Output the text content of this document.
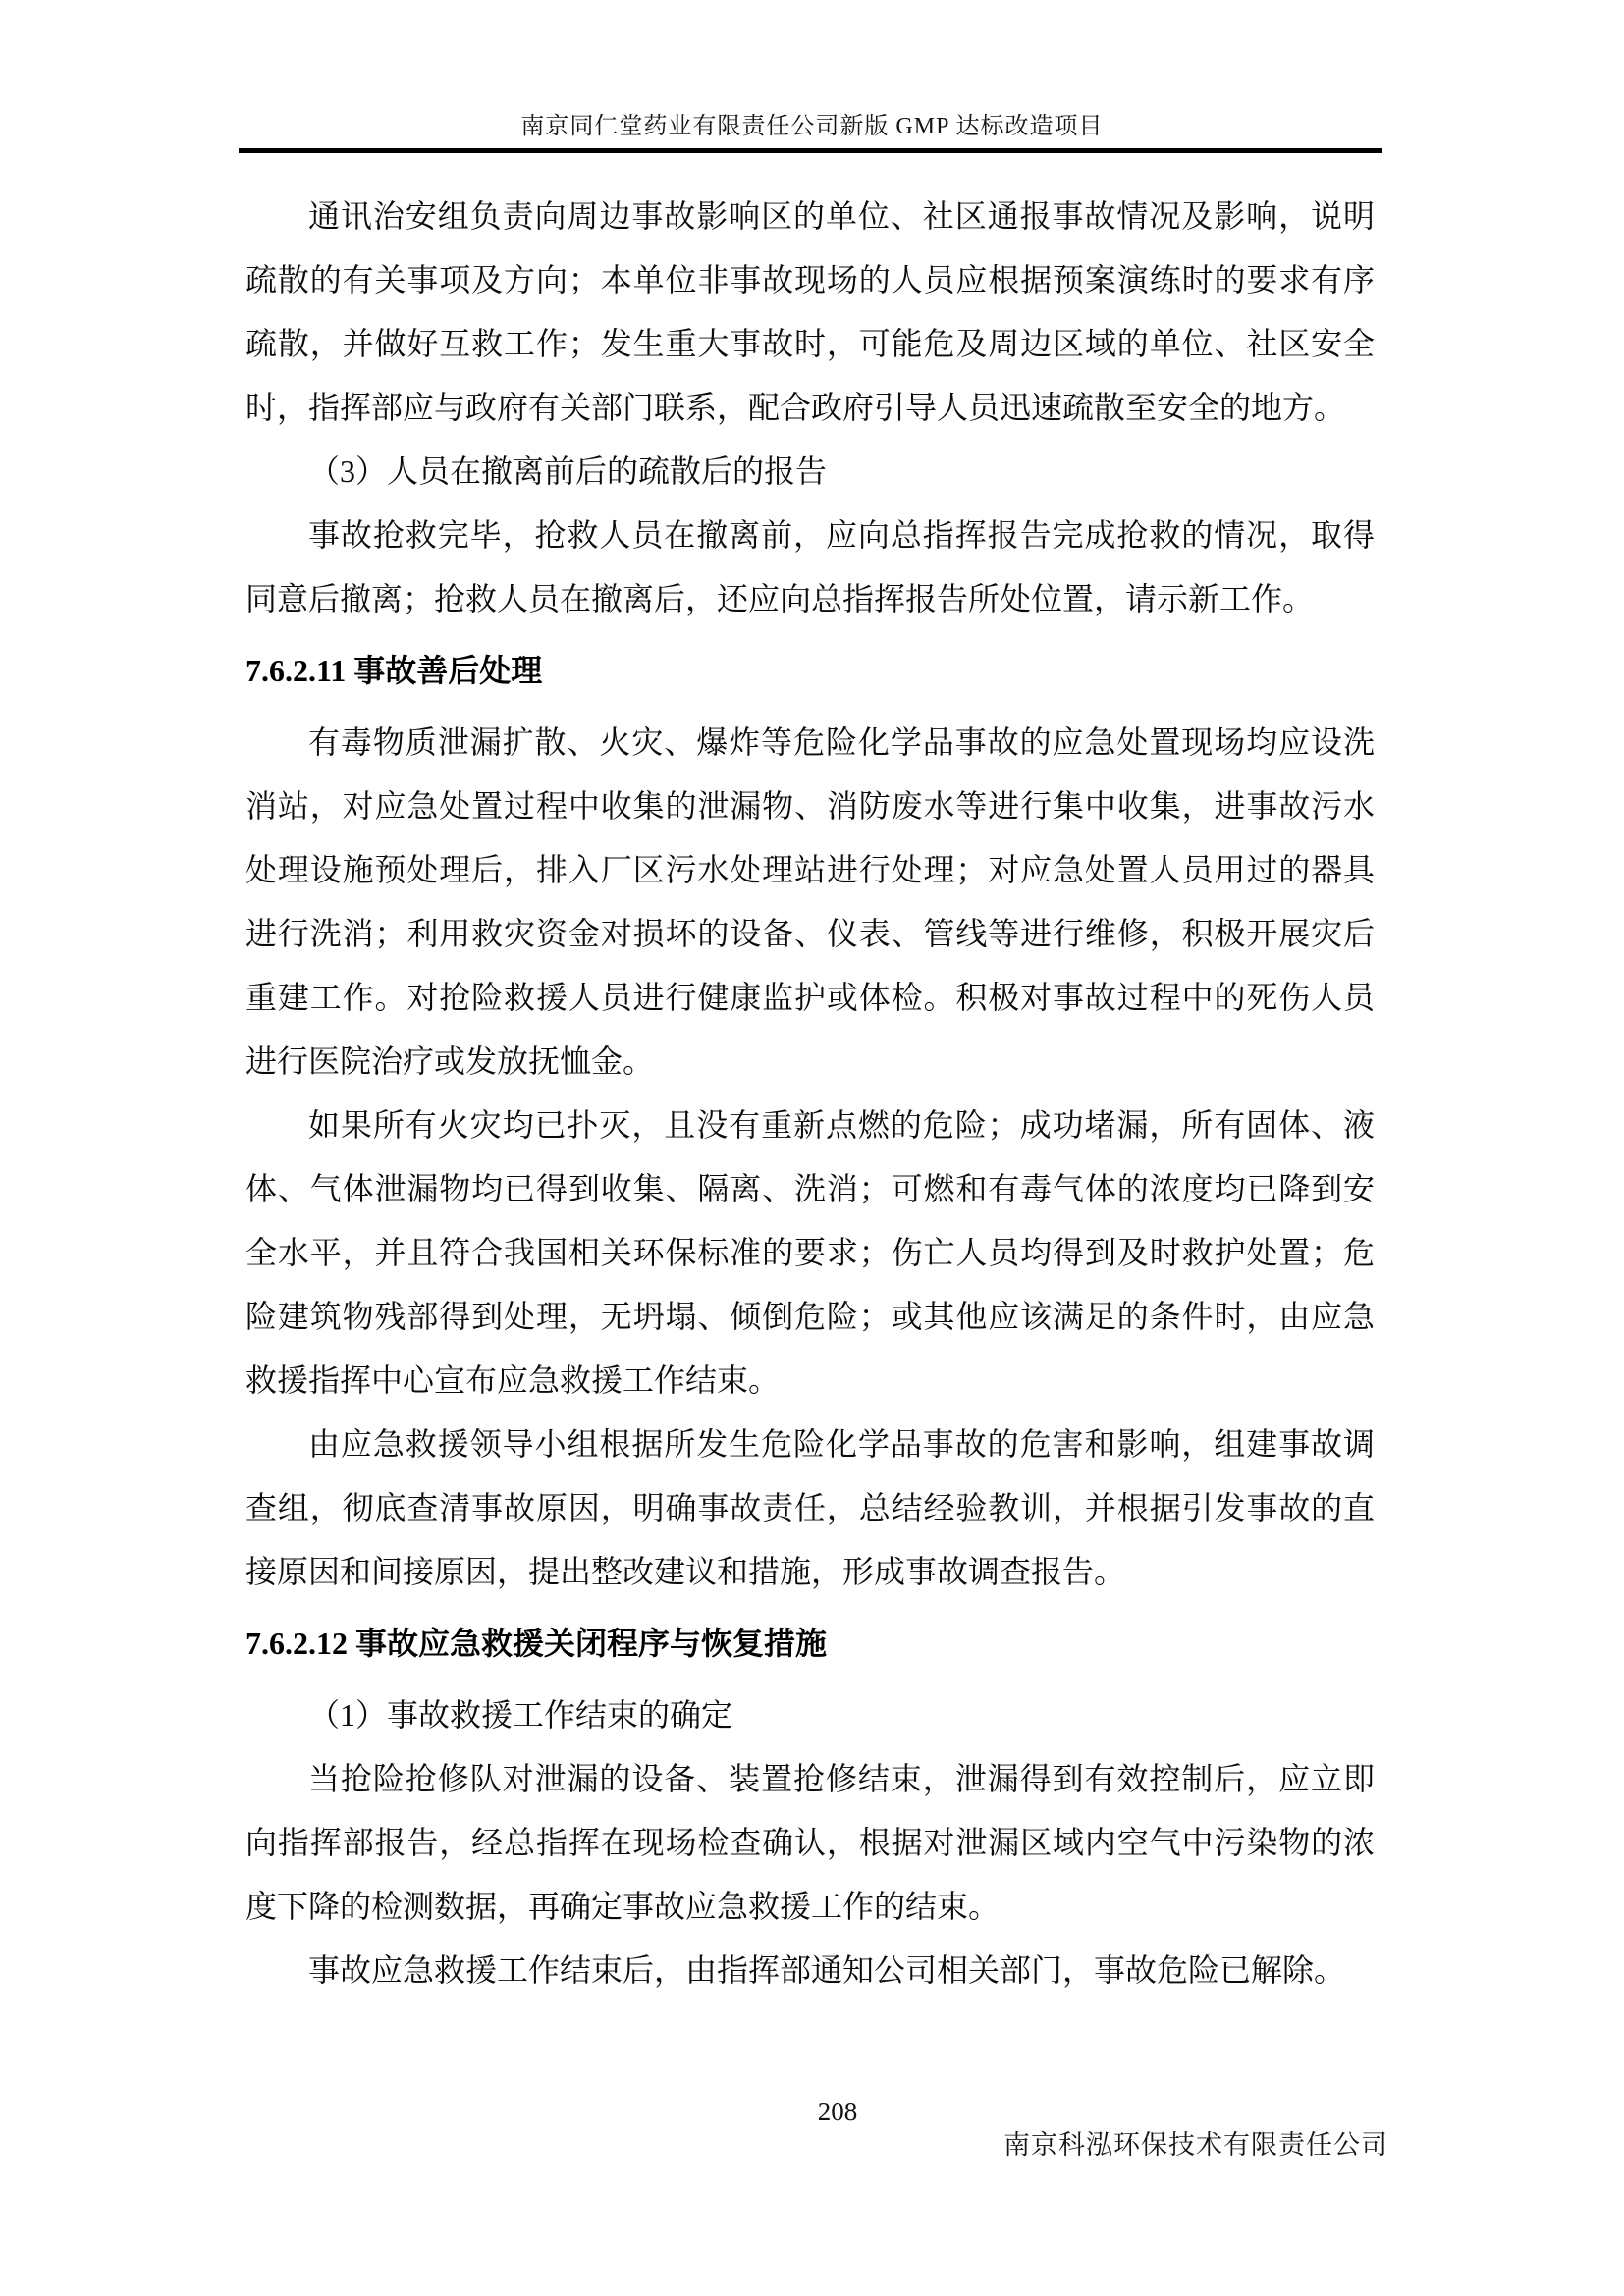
南京同仁堂药业有限责任公司新版 GMP 达标改造项目

通讯治安组负责向周边事故影响区的单位、社区通报事故情况及影响，说明疏散的有关事项及方向；本单位非事故现场的人员应根据预案演练时的要求有序疏散，并做好互救工作；发生重大事故时，可能危及周边区域的单位、社区安全时，指挥部应与政府有关部门联系，配合政府引导人员迅速疏散至安全的地方。

（3）人员在撤离前后的疏散后的报告

事故抢救完毕，抢救人员在撤离前，应向总指挥报告完成抢救的情况，取得同意后撤离；抢救人员在撤离后，还应向总指挥报告所处位置，请示新工作。

7.6.2.11 事故善后处理

有毒物质泄漏扩散、火灾、爆炸等危险化学品事故的应急处置现场均应设洗消站，对应急处置过程中收集的泄漏物、消防废水等进行集中收集，进事故污水处理设施预处理后，排入厂区污水处理站进行处理；对应急处置人员用过的器具进行洗消；利用救灾资金对损坏的设备、仪表、管线等进行维修，积极开展灾后重建工作。对抢险救援人员进行健康监护或体检。积极对事故过程中的死伤人员进行医院治疗或发放抚恤金。

如果所有火灾均已扑灭，且没有重新点燃的危险；成功堵漏，所有固体、液体、气体泄漏物均已得到收集、隔离、洗消；可燃和有毒气体的浓度均已降到安全水平，并且符合我国相关环保标准的要求；伤亡人员均得到及时救护处置；危险建筑物残部得到处理，无坍塌、倾倒危险；或其他应该满足的条件时，由应急救援指挥中心宣布应急救援工作结束。

由应急救援领导小组根据所发生危险化学品事故的危害和影响，组建事故调查组，彻底查清事故原因，明确事故责任，总结经验教训，并根据引发事故的直接原因和间接原因，提出整改建议和措施，形成事故调查报告。

7.6.2.12 事故应急救援关闭程序与恢复措施

（1）事故救援工作结束的确定

当抢险抢修队对泄漏的设备、装置抢修结束，泄漏得到有效控制后，应立即向指挥部报告，经总指挥在现场检查确认，根据对泄漏区域内空气中污染物的浓度下降的检测数据，再确定事故应急救援工作的结束。

事故应急救援工作结束后，由指挥部通知公司相关部门，事故危险已解除。

208
南京科泓环保技术有限责任公司
